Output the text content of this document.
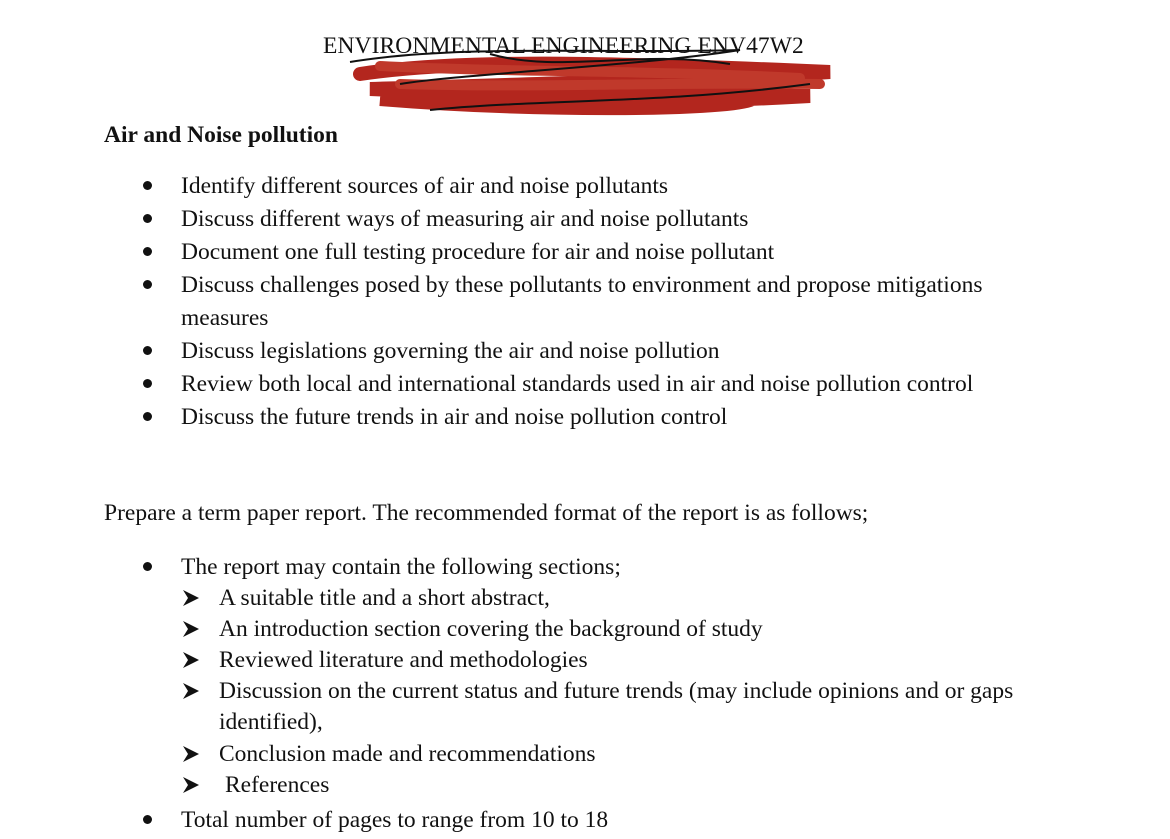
ENVIRONMENTAL ENGINEERING ENV47W2
Air and Noise pollution
Identify different sources of air and noise pollutants
Discuss different ways of measuring air and noise pollutants
Document one full testing procedure for air and noise pollutant
Discuss challenges posed by these pollutants to environment and propose mitigations measures
Discuss legislations governing the air and noise pollution
Review both local and international standards used in air and noise pollution control
Discuss the future trends in air and noise pollution control
Prepare a term paper report. The recommended format of the report is as follows;
The report may contain the following sections;
A suitable title and a short abstract,
An introduction section covering the background of study
Reviewed literature and methodologies
Discussion on the current status and future trends (may include opinions and or gaps identified),
Conclusion made and recommendations
References
Total number of pages to range from 10 to 18
